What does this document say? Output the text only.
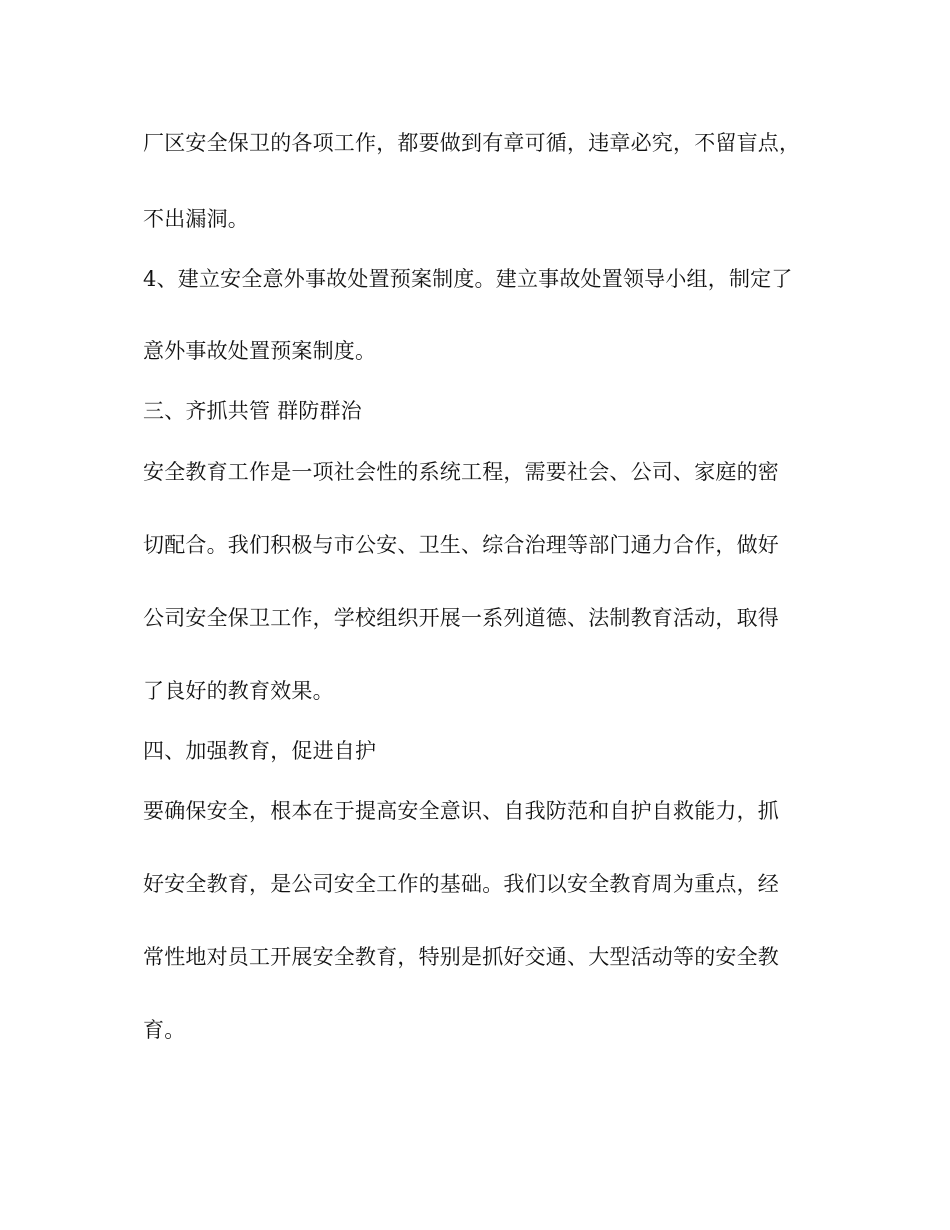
厂区安全保卫的各项工作，都要做到有章可循，违章必究，不留盲点，
不出漏洞。
4、建立安全意外事故处置预案制度。建立事故处置领导小组，制定了
意外事故处置预案制度。
三、齐抓共管 群防群治
安全教育工作是一项社会性的系统工程，需要社会、公司、家庭的密
切配合。我们积极与市公安、卫生、综合治理等部门通力合作，做好
公司安全保卫工作，学校组织开展一系列道德、法制教育活动，取得
了良好的教育效果。
四、加强教育，促进自护
要确保安全，根本在于提高安全意识、自我防范和自护自救能力，抓
好安全教育，是公司安全工作的基础。我们以安全教育周为重点，经
常性地对员工开展安全教育，特别是抓好交通、大型活动等的安全教
育。
